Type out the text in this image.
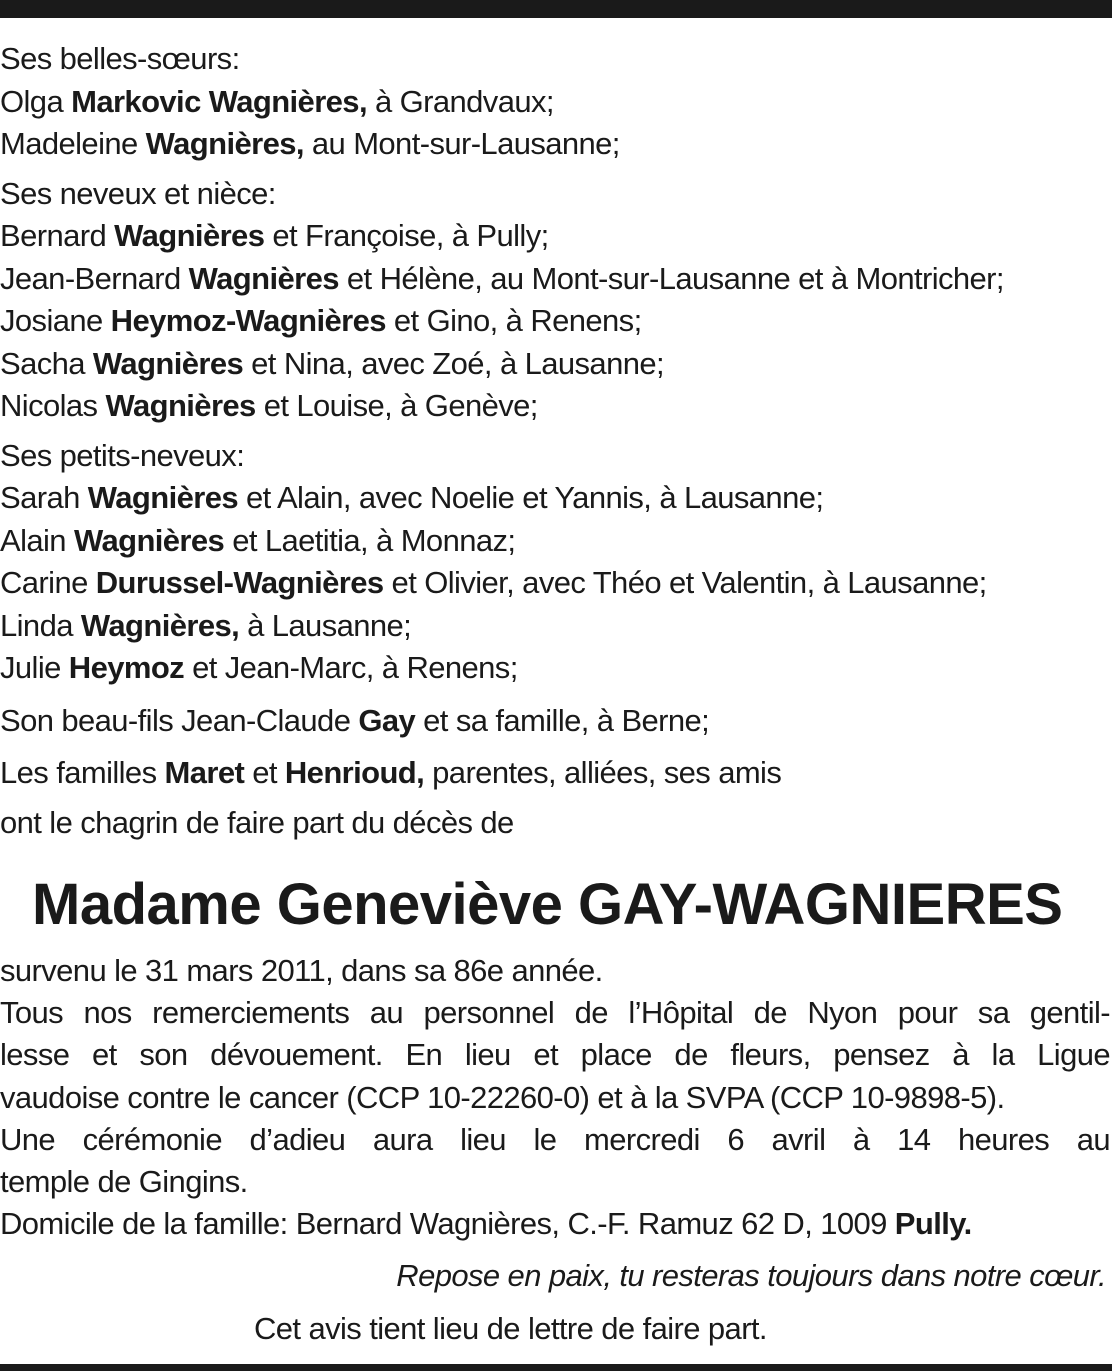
Ses belles-sœurs:
Olga Markovic Wagnières, à Grandvaux;
Madeleine Wagnières, au Mont-sur-Lausanne;
Ses neveux et nièce:
Bernard Wagnières et Françoise, à Pully;
Jean-Bernard Wagnières et Hélène, au Mont-sur-Lausanne et à Montricher;
Josiane Heymoz-Wagnières et Gino, à Renens;
Sacha Wagnières et Nina, avec Zoé, à Lausanne;
Nicolas Wagnières et Louise, à Genève;
Ses petits-neveux:
Sarah Wagnières et Alain, avec Noelie et Yannis, à Lausanne;
Alain Wagnières et Laetitia, à Monnaz;
Carine Durussel-Wagnières et Olivier, avec Théo et Valentin, à Lausanne;
Linda Wagnières, à Lausanne;
Julie Heymoz et Jean-Marc, à Renens;
Son beau-fils Jean-Claude Gay et sa famille, à Berne;
Les familles Maret et Henrioud, parentes, alliées, ses amis
ont le chagrin de faire part du décès de
Madame Geneviève GAY-WAGNIERES
survenu le 31 mars 2011, dans sa 86e année.
Tous nos remerciements au personnel de l’Hôpital de Nyon pour sa gentil-
lesse et son dévouement. En lieu et place de fleurs, pensez à la Ligue
vaudoise contre le cancer (CCP 10-22260-0) et à la SVPA (CCP 10-9898-5).
Une cérémonie d’adieu aura lieu le mercredi 6 avril à 14 heures au
temple de Gingins.
Domicile de la famille: Bernard Wagnières, C.-F. Ramuz 62 D, 1009 Pully.
Repose en paix, tu resteras toujours dans notre cœur.
Cet avis tient lieu de lettre de faire part.
